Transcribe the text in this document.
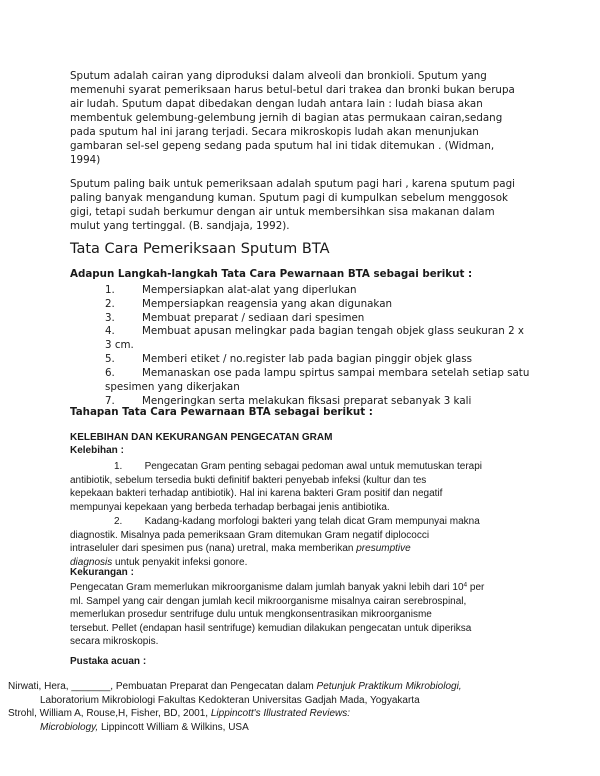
Sputum adalah cairan yang diproduksi dalam alveoli dan bronkioli. Sputum yang
memenuhi syarat pemeriksaan harus betul-betul dari trakea dan bronki bukan berupa
air ludah. Sputum dapat dibedakan dengan ludah antara lain : ludah biasa akan
membentuk gelembung-gelembung jernih di bagian atas permukaan cairan,sedang
pada sputum hal ini jarang terjadi. Secara mikroskopis ludah akan menunjukan
gambaran sel-sel gepeng sedang pada sputum hal ini tidak ditemukan . (Widman,
1994)
Sputum paling baik untuk pemeriksaan adalah sputum pagi hari , karena sputum pagi
paling banyak mengandung kuman. Sputum pagi di kumpulkan sebelum menggosok
gigi, tetapi sudah berkumur dengan air untuk membersihkan sisa makanan dalam
mulut yang tertinggal. (B. sandjaja, 1992).
Tata Cara Pemeriksaan Sputum BTA
Adapun Langkah-langkah Tata Cara Pewarnaan BTA sebagai berikut :
1.	Mempersiapkan alat-alat yang diperlukan
2.	Mempersiapkan reagensia yang akan digunakan
3.	Membuat preparat / sediaan dari spesimen
4.	Membuat apusan melingkar pada bagian tengah objek glass seukuran 2 x
3 cm.
5.	Memberi etiket / no.register lab pada bagian pinggir objek glass
6.	Memanaskan ose pada lampu spirtus sampai membara setelah setiap satu
spesimen yang dikerjakan
7.	Mengeringkan serta melakukan fiksasi preparat sebanyak 3 kali
Tahapan Tata Cara Pewarnaan BTA sebagai berikut :
KELEBIHAN DAN KEKURANGAN PENGECATAN GRAM
Kelebihan :
1. Pengecatan Gram penting sebagai pedoman awal untuk memutuskan terapi
antibiotik, sebelum tersedia bukti definitif bakteri penyebab infeksi (kultur dan tes
kepekaan bakteri terhadap antibiotik). Hal ini karena bakteri Gram positif dan negatif
mempunyai kepekaan yang berbeda terhadap berbagai jenis antibiotika.
2. Kadang-kadang morfologi bakteri yang telah dicat Gram mempunyai makna
diagnostik. Misalnya pada pemeriksaan Gram ditemukan Gram negatif diplococci
intraseluler dari spesimen pus (nana) uretral, maka memberikan presumptive
diagnosis untuk penyakit infeksi gonore.
Kekurangan :
Pengecatan Gram memerlukan mikroorganisme dalam jumlah banyak yakni lebih dari $10^4$ per
ml. Sampel yang cair dengan jumlah kecil mikroorganisme misalnya cairan serebrospinal,
memerlukan prosedur sentrifuge dulu untuk mengkonsentrasikan mikroorganisme
tersebut. Pellet (endapan hasil sentrifuge) kemudian dilakukan pengecatan untuk diperiksa
secara mikroskopis.
Pustaka acuan :
Nirwati, Hera, _______, Pembuatan Preparat dan Pengecatan dalam Petunjuk Praktikum Mikrobiologi,
Laboratorium Mikrobiologi Fakultas Kedokteran Universitas Gadjah Mada, Yogyakarta
Strohl, William A, Rouse,H, Fisher, BD, 2001, Lippincott's Illustrated Reviews:
Microbiology, Lippincott William & Wilkins, USA
